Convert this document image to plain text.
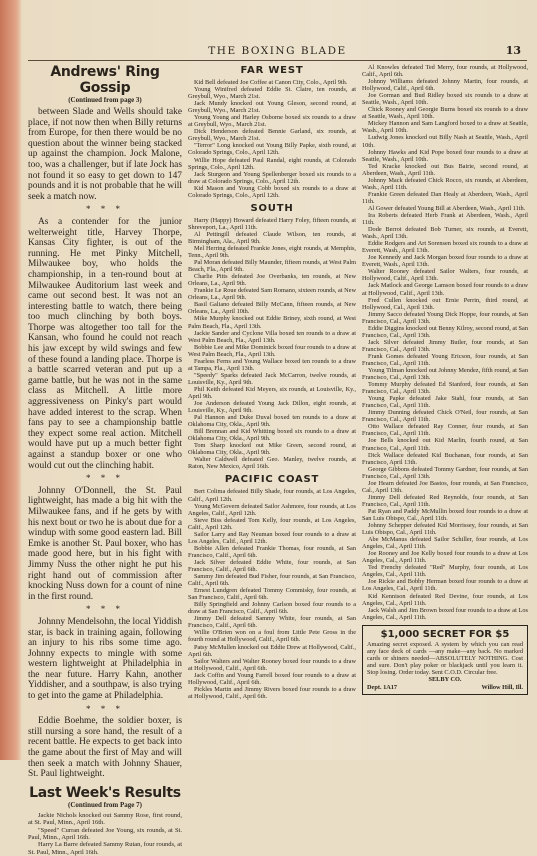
THE BOXING BLADE	13
Andrews' Ring Gossip
(Continued from page 3)

between Slade and Wells should take place, if not now then when Billy returns from Europe, for then there would be no question about the winner being stacked up against the champion. Jock Malone, too, was a challenger, but if late Jock has not found it so easy to get down to 147 pounds and it is not probable that he will seek a match now.

* * *

As a contender for the junior welterweight title, Harvey Thorpe, Kansas City fighter, is out of the running. He met Pinky Mitchell, Milwaukee boy, who holds the championship, in a ten-round bout at Milwaukee Auditorium last week and came out second best. It was not an interesting battle to watch, there being too much clinching by both boys. Thorpe was altogether too tall for the Kansan, who found he could not reach his jaw except by wild swings and few of these found a landing place. Thorpe is a battle scarred veteran and put up a game battle, but he was not in the same class as Mitchell. A little more aggressiveness on Pinky's part would have added interest to the scrap. When fans pay to see a championship battle they expect some real action. Mitchell would have put up a much better fight against a standup boxer or one who would cut out the clinching habit.

* * *

Johnny O'Donnell, the St. Paul lightweight, has made a big hit with the Milwaukee fans, and if he gets by with his next bout or two he is about due for a windup with some good eastern lad. Bill Emke is another St. Paul boxer, who has made good here, but in his fight with Jimmy Nuss the other night he put his right hand out of commission after knocking Nuss down for a count of nine in the first round.

* * *

Johnny Mendelsohn, the local Yiddish star, is back in training again, following an injury to his ribs some time ago. Johnny expects to mingle with some western lightweight at Philadelphia in the near future. Harry Kahn, another Yiddisher, and a southpaw, is also trying to get into the game at Philadelphia.

* * *

Eddie Boehme, the soldier boxer, is still nursing a sore hand, the result of a recent battle. He expects to get back into the game about the first of May and will then seek a match with Johnny Shauer, St. Paul lightweight.

Last Week's Results
(Continued from Page 7)

Jackie Nichols knocked out Sammy Rose, first round, at St. Paul, Minn., April 16th.

"Speed" Curran defeated Joe Young, six rounds, at St. Paul, Minn., April 16th.

Harry La Barre defeated Sammy Rutan, four rounds, at St. Paul, Minn., April 16th.

FAR WEST

Kid Bell defeated Joe Coffee at Canon City, Colo., April 9th.

Young Winifred defeated Eddie St. Claire, ten rounds, at Greybull, Wyo., March 21st.

Jack Mundy knocked out Young Gleson, second round, at Greybull, Wyo., March 21st.

Young Young and Harley Osborne boxed six rounds to a draw at Greybull, Wyo., March 21st.

Dick Henderson defeated Bennie Garland, six rounds, at Greybull, Wyo., March 21st.

"Terror" Long knocked out Young Billy Papke, sixth round, at Colorado Springs, Colo., April 12th.

Willie Hope defeated Paul Randal, eight rounds, at Colorado Springs, Colo., April 12th.

Jack Sturgeon and Young Spellenberger boxed six rounds to a draw at Colorado Springs, Colo., April 12th.

Kid Mason and Young Cobb boxed six rounds to a draw at Colorado Springs, Colo., April 12th.

SOUTH

Harry (Happy) Howard defeated Harry Foley, fifteen rounds, at Shreveport, La., April 11th.

Al Pettingill defeated Claude Wilson, ten rounds, at Birmingham, Ala., April 9th.

Mel Herring defeated Frankie Jones, eight rounds, at Memphis, Tenn., April 9th.

Pal Moran defeated Billy Maunder, fifteen rounds, at West Palm Beach, Fla., April 9th.

Charlie Pitts defeated Joe Overbanks, ten rounds, at New Orleans, La., April 9th.

Frankie Le Roue defeated Sam Romano, sixteen rounds, at New Orleans, La., April 9th.

Basil Galiano defeated Billy McCann, fifteen rounds, at New Orleans, La., April 10th.

Mike Murphy knocked out Eddie Briney, sixth round, at West Palm Beach, Fla., April 13th.

Jackie Sander and Cyclone Villa boxed ten rounds to a draw at West Palm Beach, Fla., April 13th.

Bobbie Lee and Mike Dominick boxed four rounds to a draw at West Palm Beach, Fla., April 13th.

Fearless Ferns and Young Wallace boxed ten rounds to a draw at Tampa, Fla., April 13th.

"Speedy" Sparks defeated Jack McCarron, twelve rounds, at Louisville, Ky., April 9th.

Phil Keith defeated Kid Meyers, six rounds, at Louisville, Ky., April 9th.

Joe Anderson defeated Young Jack Dillon, eight rounds, at Louisville, Ky., April 9th.

Pal Hannon and Duke Duval boxed ten rounds to a draw at Oklahoma City, Okla., April 9th.

Bill Brennan and Kid Whitting boxed six rounds to a draw at Oklahoma City, Okla., April 9th.

Tom Sharp knocked out Mike Green, second round, at Oklahoma City, Okla., April 9th.

Walter Caldwell defeated Geo. Manley, twelve rounds, at Raton, New Mexico, April 16th.

PACIFIC COAST

Bert Colima defeated Billy Shade, four rounds, at Los Angeles, Calif., April 12th.

Young McGovern defeated Sailor Ashmore, four rounds, at Los Angeles, Calif., April 12th.

Steve Biss defeated Tom Kelly, four rounds, at Los Angeles, Calif., April 12th.

Sailor Larry and Ray Neuman boxed four rounds to a draw at Los Angeles, Calif., April 12th.

Bobbie Allen defeated Frankie Thomas, four rounds, at San Francisco, Calif., April 6th.

Jack Silver defeated Eddie White, four rounds, at San Francisco, Calif., April 6th.

Sammy Jim defeated Bud Fisher, four rounds, at San Francisco, Calif., April 6th.

Ernest Lundgren defeated Tommy Commisky, four rounds, at San Francisco, Calif., April 6th.

Billy Springfield and Johnny Carlson boxed four rounds to a draw at San Francisco, Calif., April 6th.

Jimmy Dell defeated Sammy White, four rounds, at San Francisco, Calif., April 6th.

Willie O'Brien won on a foul from Little Pete Gross in the fourth round at Hollywood, Calif., April 6th.

Patsy McMullen knocked out Eddie Drew at Hollywood, Calif., April 6th.

Sailor Walters and Walter Rooney boxed four rounds to a draw at Hollywood, Calif., April 6th.

Jack Coffin and Young Farrell boxed four rounds to a draw at Hollywood, Calif., April 6th.

Pickles Martin and Jimmy Rivers boxed four rounds to a draw at Hollywood, Calif., April 6th.

Al Knowles defeated Ted Merry, four rounds, at Hollywood, Calif., April 6th.

Johnny Williams defeated Johnny Martin, four rounds, at Hollywood, Calif., April 6th.

Joe Gorman and Bud Ridley boxed six rounds to a draw at Seattle, Wash., April 10th.

Chick Rooney and Georgie Burns boxed six rounds to a draw at Seattle, Wash., April 10th.

Mickey Hannon and Sam Langford boxed to a draw at Seattle, Wash., April 10th.

Ludwig Jones knocked out Billy Nash at Seattle, Wash., April 10th.

Johnny Hawks and Kid Pope boxed four rounds to a draw at Seattle, Wash., April 10th.

Ted Kracke knocked out Bus Bairie, second round, at Aberdeen, Wash., April 11th.

Johnny Mack defeated Chick Rocco, six rounds, at Aberdeen, Wash., April 11th.

Frankie Green defeated Dan Healy at Aberdeen, Wash., April 11th.

Al Gower defeated Young Bill at Aberdeen, Wash., April 11th.

Ira Roberts defeated Herb Frank at Aberdeen, Wash., April 11th.

Dode Berrot defeated Bob Turner, six rounds, at Everett, Wash., April 13th.

Eddie Rodgers and Art Sorensen boxed six rounds to a draw at Everett, Wash., April 13th.

Joe Kennedy and Jack Morgan boxed four rounds to a draw at Everett, Wash., April 13th.

Walter Rooney defeated Sailor Walters, four rounds, at Hollywood, Calif., April 13th.

Jack Matlock and George Lamson boxed four rounds to a draw at Hollywood, Calif., April 13th.

Fred Cullen knocked out Ernie Perrin, third round, at Hollywood, Cal., April 13th.

Jimmy Sacco defeated Young Dick Hoppe, four rounds, at San Francisco, Cal., April 13th.

Eddie Diggins knocked out Benny Kilroy, second round, at San Francisco, Cal., April 13th.

Jack Silver defeated Jimmy Butler, four rounds, at San Francisco, Cal., April 13th.

Frank Gomes defeated Young Ericson, four rounds, at San Francisco, Cal., April 11th.

Young Tilman knocked out Johnny Mendez, fifth round, at San Francisco, Cal., April 13th.

Tommy Murphy defeated Ed Stanford, four rounds, at San Francisco, Cal., April 13th.

Young Papke defeated Jake Stahl, four rounds, at San Francisco, Cal., April 11th.

Jimmy Dunning defeated Chick O'Neil, four rounds, at San Francisco, Cal., April 11th.

Otto Wallace defeated Ray Conner, four rounds, at San Francisco, Cal., April 11th.

Joe Bells knocked out Kid Marlin, fourth round, at San Francisco, Cal., April 11th.

Dick Wallace defeated Kid Buchanan, four rounds, at San Francisco, April 13th.

George Gibbons defeated Tommy Gardner, four rounds, at San Francisco, Cal., April 13th.

Joe Hearn defeated Joe Bastos, four rounds, at San Francisco, Cal., April 13th.

Jimmy Dell defeated Red Reynolds, four rounds, at San Francisco, Cal., April 11th.

Pat Ryan and Paddy McMullin boxed four rounds to a draw at San Luis Obispo, Cal., April 11th.

Johnny Schepper defeated Kid Morrissey, four rounds, at San Luis Obispo, Cal., April 11th.

Abe McManus defeated Sailor Schiller, four rounds, at Los Angeles, Cal., April 11th.

Joe Rooney and Joe Kelly boxed four rounds to a draw at Los Angeles, Cal., April 11th.

Ted Frenchy defeated "Red" Murphy, four rounds, at Los Angeles, Cal., April 11th.

Joe Rickie and Bobby Herman boxed four rounds to a draw at Los Angeles, Cal., April 11th.

Kid Kennison defeated Red Devine, four rounds, at Los Angeles, Cal., April 11th.

Jack Walsh and Jim Brown boxed four rounds to a draw at Los Angeles, Cal., April 11th.

$1,000 SECRET FOR $5

Amazing secret exposed. A system by which you can read any face deck of cards —any make—any back. No marked cards or shiners needed—ABSOLUTELY NOTHING. Cost and sure. Don't play poker or blackjack until you learn it. Stop losing. Order today. Sent C.O.D. Circular free.

SELBY CO.
Dept. 1A17	Willow Hill, Ill.
